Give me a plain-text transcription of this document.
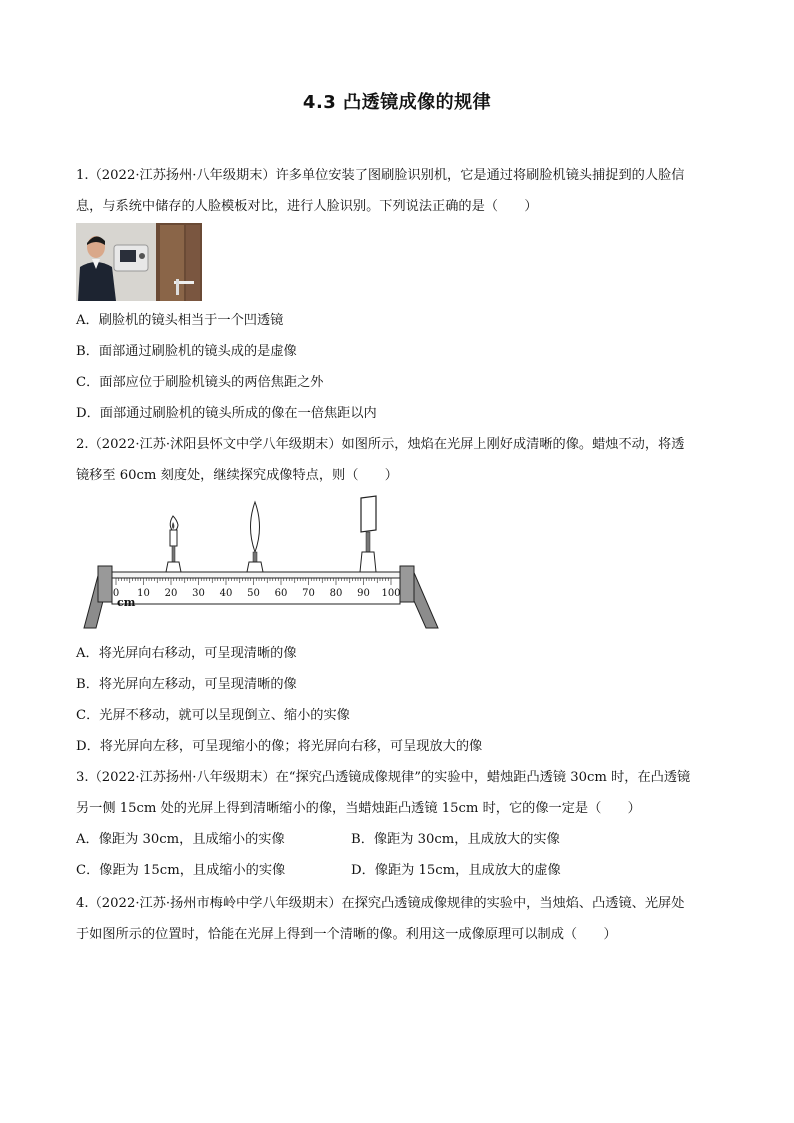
4.3 凸透镜成像的规律
1.（2022·江苏扬州·八年级期末）许多单位安装了图刷脸识别机，它是通过将刷脸机镜头捕捉到的人脸信
息，与系统中储存的人脸模板对比，进行人脸识别。下列说法正确的是（　　）
A．刷脸机的镜头相当于一个凹透镜
B．面部通过刷脸机的镜头成的是虚像
C．面部应位于刷脸机镜头的两倍焦距之外
D．面部通过刷脸机的镜头所成的像在一倍焦距以内
2.（2022·江苏·沭阳县怀文中学八年级期末）如图所示，烛焰在光屏上刚好成清晰的像。蜡烛不动，将透
镜移至 60cm 刻度处，继续探究成像特点，则（　　）
0 10 20 30 40 50 60 70 80 90 100
cm
A．将光屏向右移动，可呈现清晰的像
B．将光屏向左移动，可呈现清晰的像
C．光屏不移动，就可以呈现倒立、缩小的实像
D．将光屏向左移，可呈现缩小的像；将光屏向右移，可呈现放大的像
3.（2022·江苏扬州·八年级期末）在“探究凸透镜成像规律”的实验中，蜡烛距凸透镜 30cm 时，在凸透镜
另一侧 15cm 处的光屏上得到清晰缩小的像，当蜡烛距凸透镜 15cm 时，它的像一定是（　　）
A．像距为 30cm，且成缩小的实像	B．像距为 30cm，且成放大的实像
C．像距为 15cm，且成缩小的实像	D．像距为 15cm，且成放大的虚像
4.（2022·江苏·扬州市梅岭中学八年级期末）在探究凸透镜成像规律的实验中，当烛焰、凸透镜、光屏处
于如图所示的位置时，恰能在光屏上得到一个清晰的像。利用这一成像原理可以制成（　　）
